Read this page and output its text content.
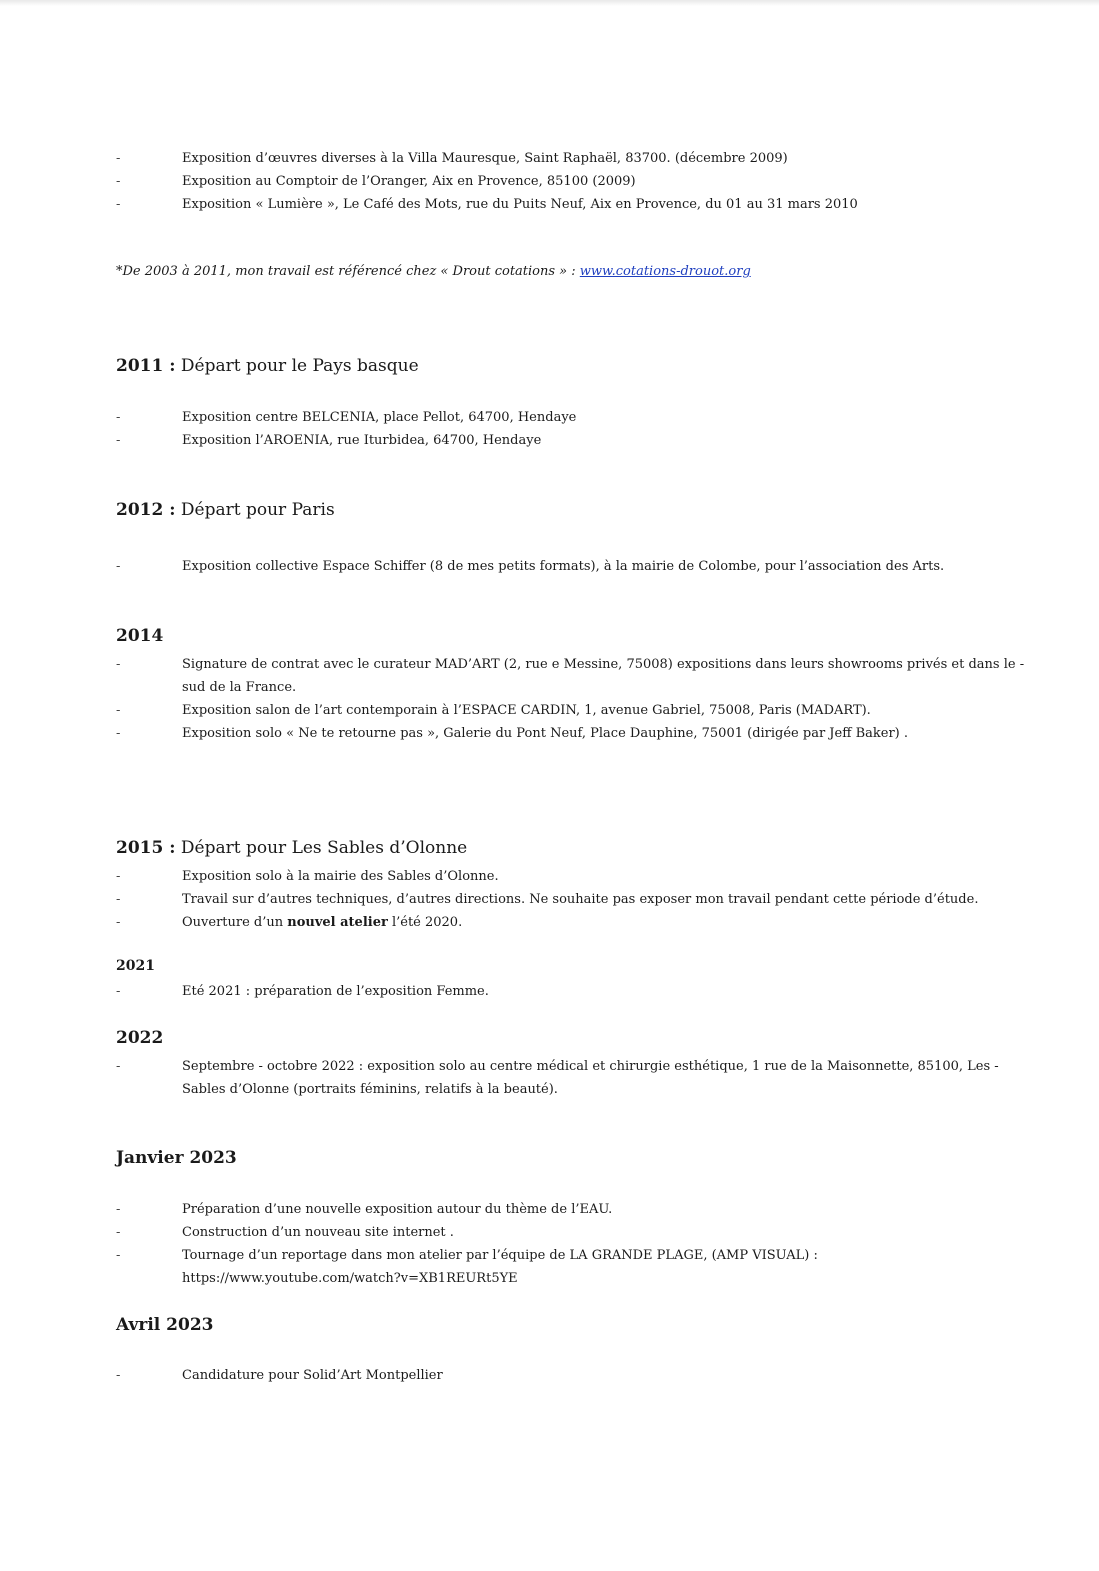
-	Exposition d’œuvres diverses à la Villa Mauresque, Saint Raphaël, 83700. (décembre 2009)
-	Exposition au Comptoir de l’Oranger, Aix en Provence, 85100 (2009)
-	Exposition « Lumière », Le Café des Mots, rue du Puits Neuf, Aix en Provence, du 01 au 31 mars 2010
*De 2003 à 2011, mon travail est référencé chez « Drout cotations » : www.cotations-drouot.org
2011 : Départ pour le Pays basque
-	Exposition centre BELCENIA, place Pellot, 64700, Hendaye
-	Exposition l’AROENIA, rue Iturbidea, 64700, Hendaye
2012 : Départ pour Paris
-	Exposition collective Espace Schiffer (8 de mes petits formats), à la mairie de Colombe, pour l’association des Arts.
2014
-	Signature de contrat avec le curateur MAD’ART (2, rue e Messine, 75008) expositions dans leurs showrooms privés et dans le -
sud de la France.
-	Exposition salon de l’art contemporain à l’ESPACE CARDIN, 1, avenue Gabriel, 75008, Paris (MADART).
-	Exposition solo « Ne te retourne pas », Galerie du Pont Neuf, Place Dauphine, 75001 (dirigée par Jeff Baker) .
2015 : Départ pour Les Sables d’Olonne
-	Exposition solo à la mairie des Sables d’Olonne.
-	Travail sur d’autres techniques, d’autres directions. Ne souhaite pas exposer mon travail pendant cette période d’étude.
-	Ouverture d’un nouvel atelier l’été 2020.
2021
-	Eté 2021 : préparation de l’exposition Femme.
2022
-	Septembre - octobre 2022 : exposition solo au centre médical et chirurgie esthétique, 1 rue de la Maisonnette, 85100, Les -
Sables d’Olonne (portraits féminins, relatifs à la beauté).
Janvier 2023
-	Préparation d’une nouvelle exposition autour du thème de l’EAU.
-	Construction d’un nouveau site internet .
-	Tournage d’un reportage dans mon atelier par l’équipe de LA GRANDE PLAGE, (AMP VISUAL) :
https://www.youtube.com/watch?v=XB1REURt5YE
Avril 2023
-	Candidature pour Solid’Art Montpellier
